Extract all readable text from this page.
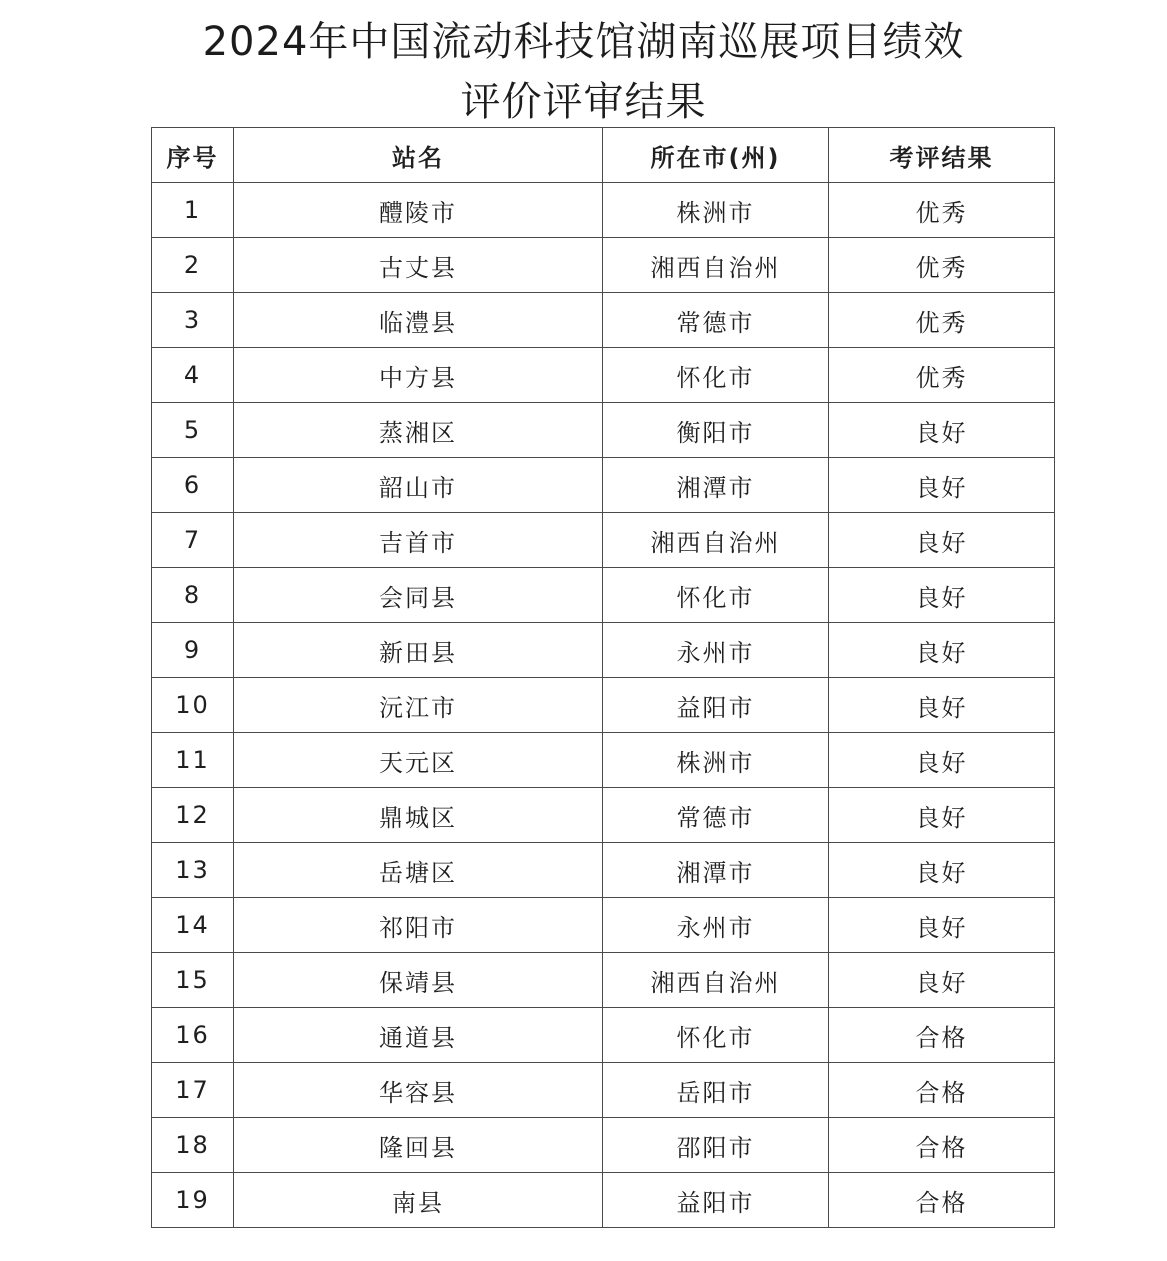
2024年中国流动科技馆湖南巡展项目绩效
评价评审结果
序号	站名	所在市(州)	考评结果
1	醴陵市	株洲市	优秀
2	古丈县	湘西自治州	优秀
3	临澧县	常德市	优秀
4	中方县	怀化市	优秀
5	蒸湘区	衡阳市	良好
6	韶山市	湘潭市	良好
7	吉首市	湘西自治州	良好
8	会同县	怀化市	良好
9	新田县	永州市	良好
10	沅江市	益阳市	良好
11	天元区	株洲市	良好
12	鼎城区	常德市	良好
13	岳塘区	湘潭市	良好
14	祁阳市	永州市	良好
15	保靖县	湘西自治州	良好
16	通道县	怀化市	合格
17	华容县	岳阳市	合格
18	隆回县	邵阳市	合格
19	南县	益阳市	合格
